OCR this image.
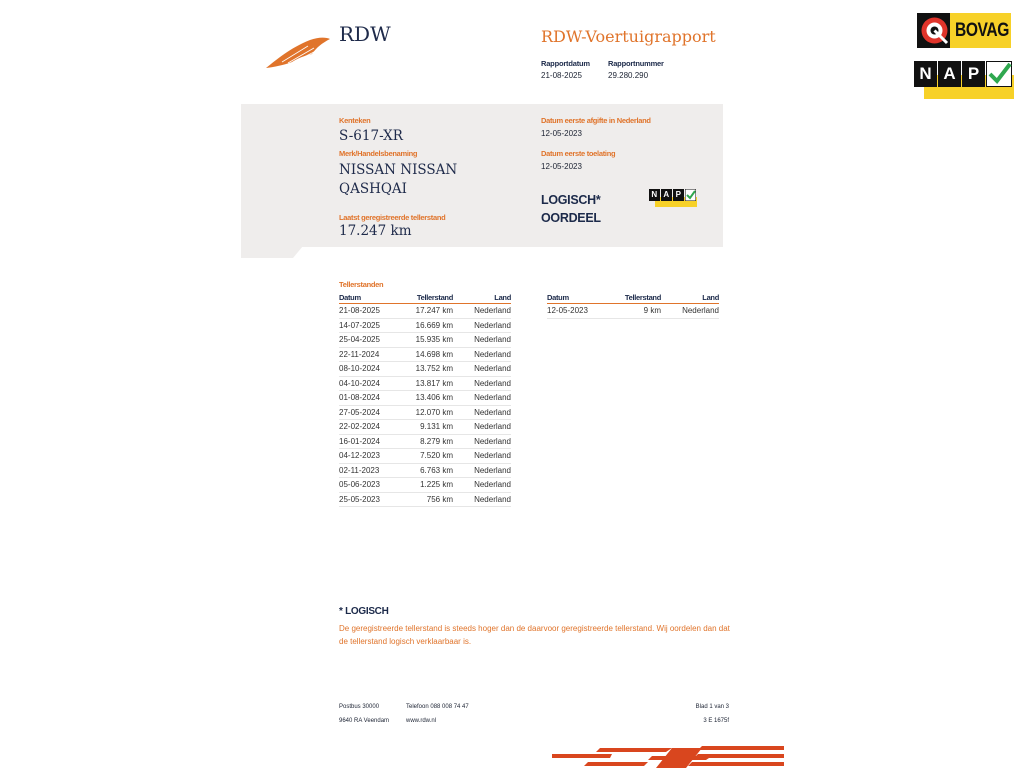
RDW	RDW-Voertuigrapport
Rapportdatum
21-08-2025
Rapportnummer
29.280.290
Kenteken
S-617-XR
Merk/Handelsbenaming
NISSAN NISSAN
QASHQAI
Laatst geregistreerde tellerstand
17.247 km
Datum eerste afgifte in Nederland
12-05-2023
Datum eerste toelating
12-05-2023
LOGISCH*
OORDEEL
N A P
Tellerstanden
Datum	Tellerstand	Land
21-08-2025	17.247 km	Nederland
14-07-2025	16.669 km	Nederland
25-04-2025	15.935 km	Nederland
22-11-2024	14.698 km	Nederland
08-10-2024	13.752 km	Nederland
04-10-2024	13.817 km	Nederland
01-08-2024	13.406 km	Nederland
27-05-2024	12.070 km	Nederland
22-02-2024	9.131 km	Nederland
16-01-2024	8.279 km	Nederland
04-12-2023	7.520 km	Nederland
02-11-2023	6.763 km	Nederland
05-06-2023	1.225 km	Nederland
25-05-2023	756 km	Nederland
Datum	Tellerstand	Land
12-05-2023	9 km	Nederland
* LOGISCH
De geregistreerde tellerstand is steeds hoger dan de daarvoor geregistreerde tellerstand. Wij oordelen dan dat de tellerstand logisch verklaarbaar is.
Postbus 30000
9640 RA Veendam
Telefoon 088 008 74 47
www.rdw.nl
Blad 1 van 3
3 E 1675f
BOVAG
N A P
